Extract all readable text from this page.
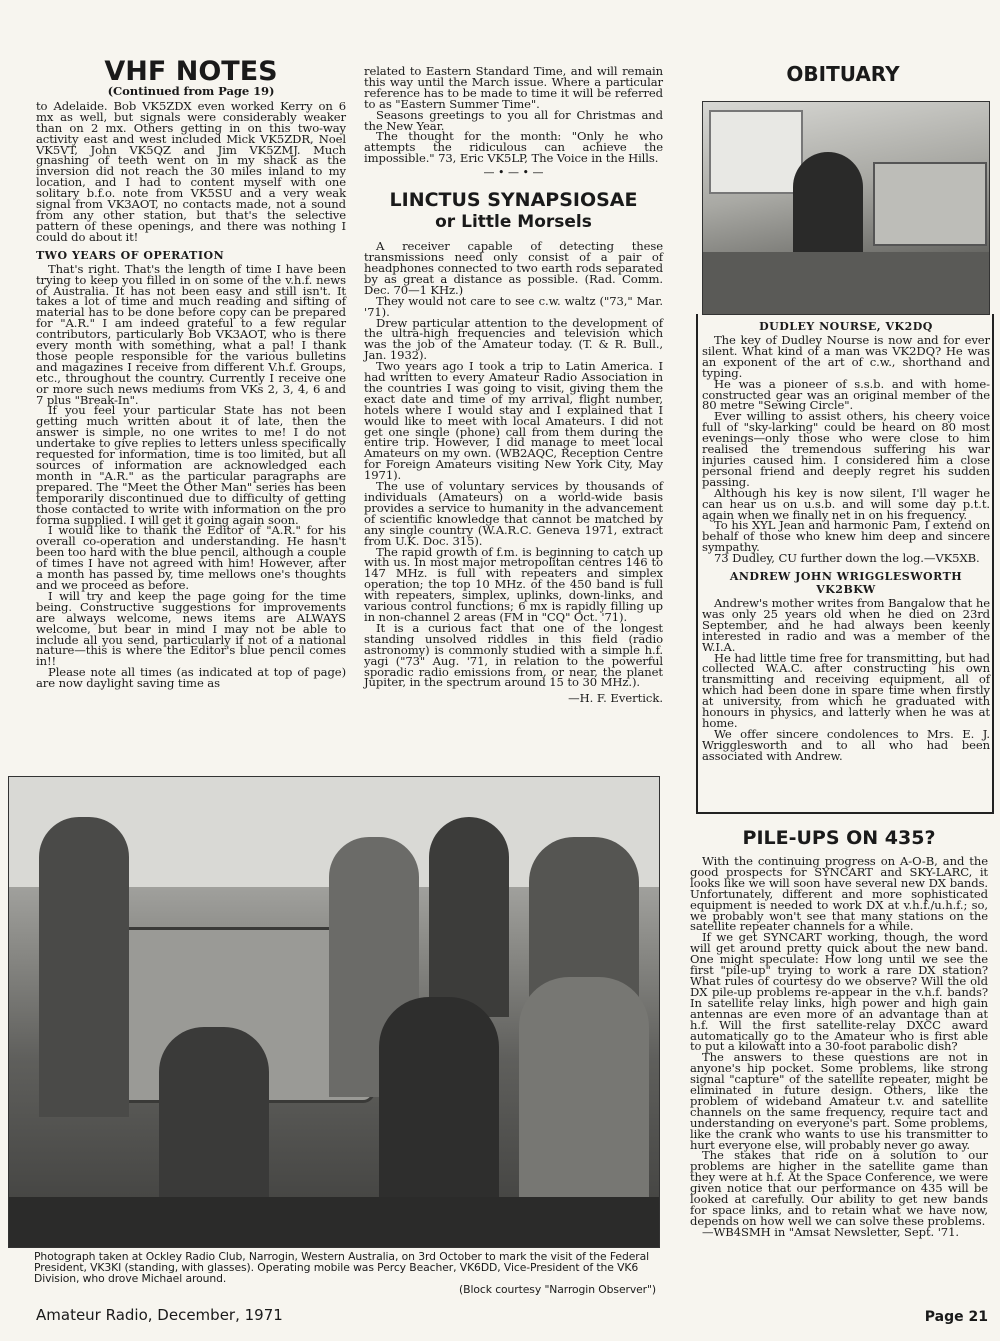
VHF NOTES

(Continued from Page 19)

to Adelaide. Bob VK5ZDX even worked Kerry on 6 mx as well, but signals were considerably weaker than on 2 mx. Others getting in on this two-way activity east and west included Mick VK5ZDR, Noel VK5VT, John VK5QZ and Jim VK5ZMJ. Much gnashing of teeth went on in my shack as the inversion did not reach the 30 miles inland to my location, and I had to content myself with one solitary b.f.o. note from VK5SU and a very weak signal from VK3AOT, no contacts made, not a sound from any other station, but that's the selective pattern of these openings, and there was nothing I could do about it!

TWO YEARS OF OPERATION

That's right. That's the length of time I have been trying to keep you filled in on some of the v.h.f. news of Australia. It has not been easy and still isn't. It takes a lot of time and much reading and sifting of material has to be done before copy can be prepared for "A.R." I am indeed grateful to a few regular contributors, particularly Bob VK3AOT, who is there every month with something, what a pal! I thank those people responsible for the various bulletins and magazines I receive from different V.h.f. Groups, etc., throughout the country. Currently I receive one or more such news mediums from VKs 2, 3, 4, 6 and 7 plus "Break-In".

If you feel your particular State has not been getting much written about it of late, then the answer is simple, no one writes to me! I do not undertake to give replies to letters unless specifically requested for information, time is too limited, but all sources of information are acknowledged each month in "A.R." as the particular paragraphs are prepared. The "Meet the Other Man" series has been temporarily discontinued due to difficulty of getting those contacted to write with information on the pro forma supplied. I will get it going again soon.

I would like to thank the Editor of "A.R." for his overall co-operation and understanding. He hasn't been too hard with the blue pencil, although a couple of times I have not agreed with him! However, after a month has passed by, time mellows one's thoughts and we proceed as before.

I will try and keep the page going for the time being. Constructive suggestions for improvements are always welcome, news items are ALWAYS welcome, but bear in mind I may not be able to include all you send, particularly if not of a national nature—this is where the Editor's blue pencil comes in!!

Please note all times (as indicated at top of page) are now daylight saving time as

related to Eastern Standard Time, and will remain this way until the March issue. Where a particular reference has to be made to time it will be referred to as "Eastern Summer Time".

Seasons greetings to you all for Christmas and the New Year.

The thought for the month: "Only he who attempts the ridiculous can achieve the impossible." 73, Eric VK5LP, The Voice in the Hills.

— • — • —
LINCTUS SYNAPSIOSAE
or Little Morsels

A receiver capable of detecting these transmissions need only consist of a pair of headphones connected to two earth rods separated by as great a distance as possible. (Rad. Comm. Dec. 70—1 KHz.)

They would not care to see c.w. waltz ("73," Mar. '71).

Drew particular attention to the development of the ultra-high frequencies and television which was the job of the Amateur today. (T. & R. Bull., Jan. 1932).

Two years ago I took a trip to Latin America. I had written to every Amateur Radio Association in the countries I was going to visit, giving them the exact date and time of my arrival, flight number, hotels where I would stay and I explained that I would like to meet with local Amateurs. I did not get one single (phone) call from them during the entire trip. However, I did manage to meet local Amateurs on my own. (WB2AQC, Reception Centre for Foreign Amateurs visiting New York City, May 1971).

The use of voluntary services by thousands of individuals (Amateurs) on a world-wide basis provides a service to humanity in the advancement of scientific knowledge that cannot be matched by any single country (W.A.R.C. Geneva 1971, extract from U.K. Doc. 315).

The rapid growth of f.m. is beginning to catch up with us. In most major metropolitan centres 146 to 147 MHz. is full with repeaters and simplex operation; the top 10 MHz. of the 450 band is full with repeaters, simplex, uplinks, down-links, and various control functions; 6 mx is rapidly filling up in non-channel 2 areas (FM in "CQ" Oct. '71).

It is a curious fact that one of the longest standing unsolved riddles in this field (radio astronomy) is commonly studied with a simple h.f. yagi ("73" Aug. '71, in relation to the powerful sporadic radio emissions from, or near, the planet Jupiter, in the spectrum around 15 to 30 MHz.).

—H. F. Evertick.

OBITUARY
DUDLEY NOURSE, VK2DQ

The key of Dudley Nourse is now and for ever silent. What kind of a man was VK2DQ? He was an exponent of the art of c.w., shorthand and typing.

He was a pioneer of s.s.b. and with home-constructed gear was an original member of the 80 metre "Sewing Circle".

Ever willing to assist others, his cheery voice full of "sky-larking" could be heard on 80 most evenings—only those who were close to him realised the tremendous suffering his war injuries caused him. I considered him a close personal friend and deeply regret his sudden passing.

Although his key is now silent, I'll wager he can hear us on u.s.b. and will some day p.t.t. again when we finally net in on his frequency.

To his XYL Jean and harmonic Pam, I extend on behalf of those who knew him deep and sincere sympathy.

73 Dudley, CU further down the log.—VK5XB.

ANDREW JOHN WRIGGLESWORTH
VK2BKW

Andrew's mother writes from Bangalow that he was only 25 years old when he died on 23rd September, and he had always been keenly interested in radio and was a member of the W.I.A.

He had little time free for transmitting, but had collected W.A.C. after constructing his own transmitting and receiving equipment, all of which had been done in spare time when firstly at university, from which he graduated with honours in physics, and latterly when he was at home.

We offer sincere condolences to Mrs. E. J. Wrigglesworth and to all who had been associated with Andrew.

PILE-UPS ON 435?

With the continuing progress on A-O-B, and the good prospects for SYNCART and SKY-LARC, it looks like we will soon have several new DX bands. Unfortunately, different and more sophisticated equipment is needed to work DX at v.h.f./u.h.f.; so, we probably won't see that many stations on the satellite repeater channels for a while.

If we get SYNCART working, though, the word will get around pretty quick about the new band. One might speculate: How long until we see the first "pile-up" trying to work a rare DX station? What rules of courtesy do we observe? Will the old DX pile-up problems re-appear in the v.h.f. bands? In satellite relay links, high power and high gain antennas are even more of an advantage than at h.f. Will the first satellite-relay DXCC award automatically go to the Amateur who is first able to put a kilowatt into a 30-foot parabolic dish?

The answers to these questions are not in anyone's hip pocket. Some problems, like strong signal "capture" of the satellite repeater, might be eliminated in future design. Others, like the problem of wideband Amateur t.v. and satellite channels on the same frequency, require tact and understanding on everyone's part. Some problems, like the crank who wants to use his transmitter to hurt everyone else, will probably never go away.

The stakes that ride on a solution to our problems are higher in the satellite game than they were at h.f. At the Space Conference, we were given notice that our performance on 435 will be looked at carefully. Our ability to get new bands for space links, and to retain what we have now, depends on how well we can solve these problems.

—WB4SMH in "Amsat Newsletter, Sept. '71.

Photograph taken at Ockley Radio Club, Narrogin, Western Australia, on 3rd October to mark the visit of the Federal President, VK3KI (standing, with glasses). Operating mobile was Percy Beacher, VK6DD, Vice-President of the VK6 Division, who drove Michael around.

(Block courtesy "Narrogin Observer")

Amateur Radio, December, 1971	Page 21
